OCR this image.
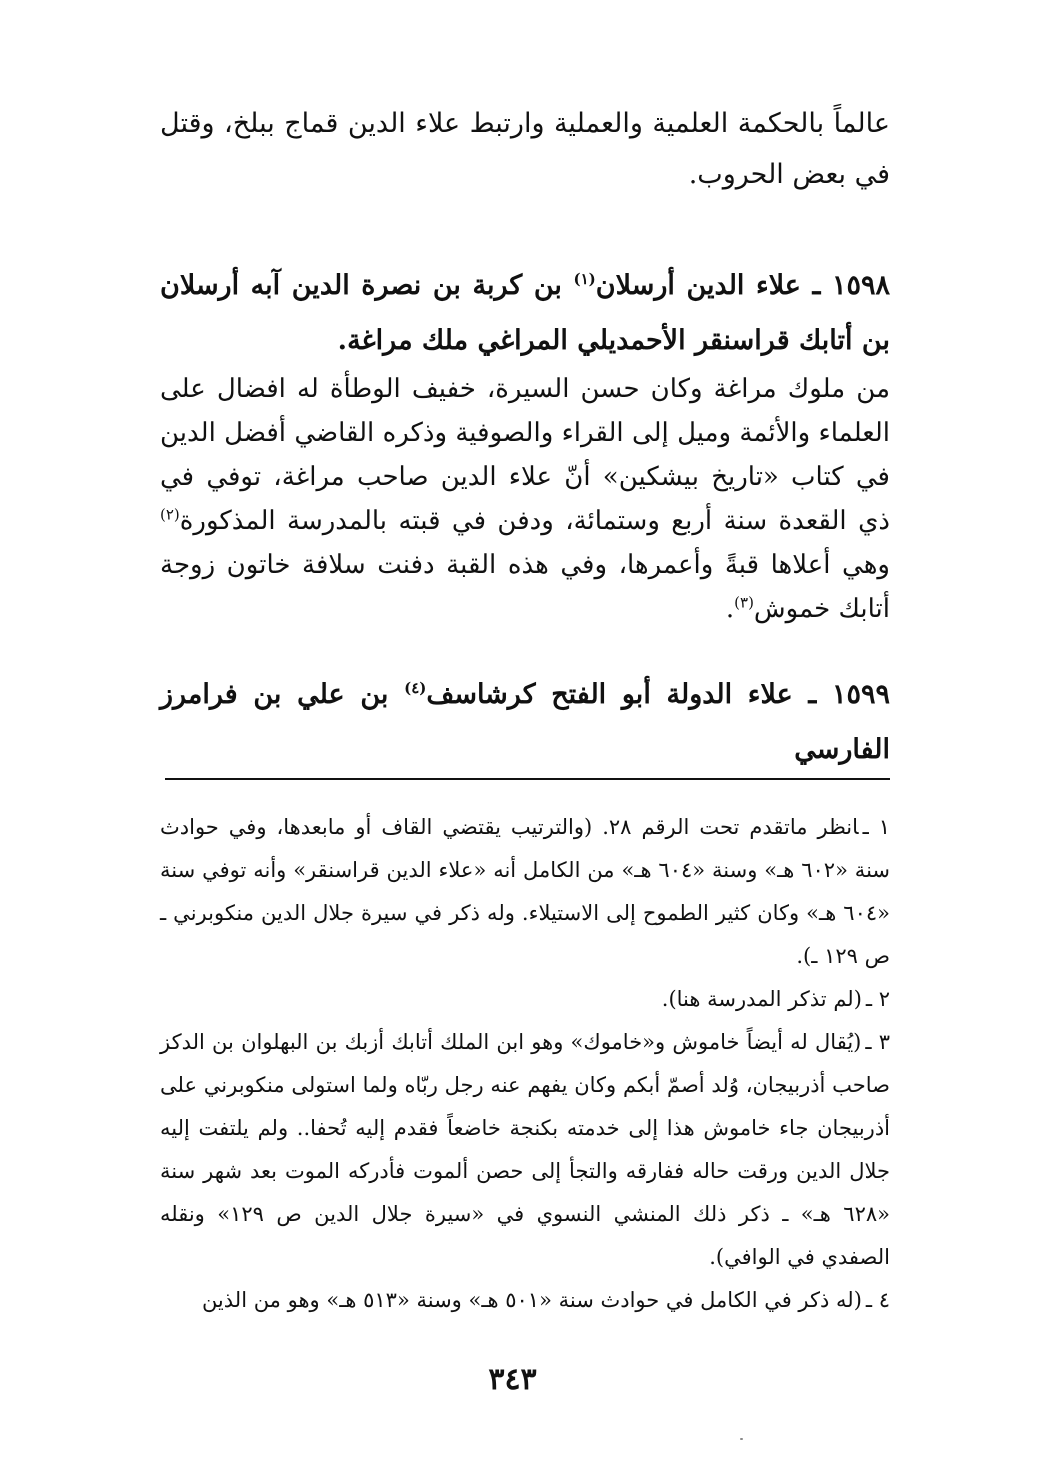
عالماً بالحكمة العلمية والعملية وارتبط علاء الدين قماج ببلخ، وقتل في بعض الحروب.

١٥٩٨ ـ علاء الدين أرسلان$^{(١)}$ بن كربة بن نصرة الدين آبه أرسلان بن أتابك قراسنقر الأحمديلي المراغي ملك مراغة.

من ملوك مراغة وكان حسن السيرة، خفيف الوطأة له افضال على العلماء والأئمة وميل إلى القراء والصوفية وذكره القاضي أفضل الدين في كتاب «تاريخ بيشكين» أنّ علاء الدين صاحب مراغة، توفي في ذي القعدة سنة أربع وستمائة، ودفن في قبته بالمدرسة المذكورة$^{(٢)}$ وهي أعلاها قبةً وأعمرها، وفي هذه القبة دفنت سلافة خاتون زوجة أتابك خموش$^{(٣)}$.

١٥٩٩ ـ علاء الدولة أبو الفتح كرشاسف$^{(٤)}$ بن علي بن فرامرز الفارسي

١ ـانظر ماتقدم تحت الرقم ٢٨. (والترتيب يقتضي القاف أو مابعدها، وفي حوادث سنة «٦٠٢ هـ» وسنة «٦٠٤ هـ» من الكامل أنه «علاء الدين قراسنقر» وأنه توفي سنة «٦٠٤ هـ» وكان كثير الطموح إلى الاستيلاء. وله ذكر في سيرة جلال الدين منكوبرني ـ ص ١٢٩ ـ).

٢ ـ(لم تذكر المدرسة هنا).

٣ ـ(يُقال له أيضاً خاموش و«خاموك» وهو ابن الملك أتابك أزبك بن البهلوان بن الدكز صاحب أذربيجان، وُلد أصمّ أبكم وكان يفهم عنه رجل ربّاه ولما استولى منكوبرني على أذربيجان جاء خاموش هذا إلى خدمته بكنجة خاضعاً فقدم إليه تُحفا.. ولم يلتفت إليه جلال الدين ورقت حاله ففارقه والتجأ إلى حصن ألموت فأدركه الموت بعد شهر سنة «٦٢٨ هـ» ـ ذكر ذلك المنشي النسوي في «سيرة جلال الدين ص ١٢٩» ونقله الصفدي في الوافي).

٤ ـ(له ذكر في الكامل في حوادث سنة «٥٠١ هـ» وسنة «٥١٣ هـ» وهو من الذين

٣٤٣
